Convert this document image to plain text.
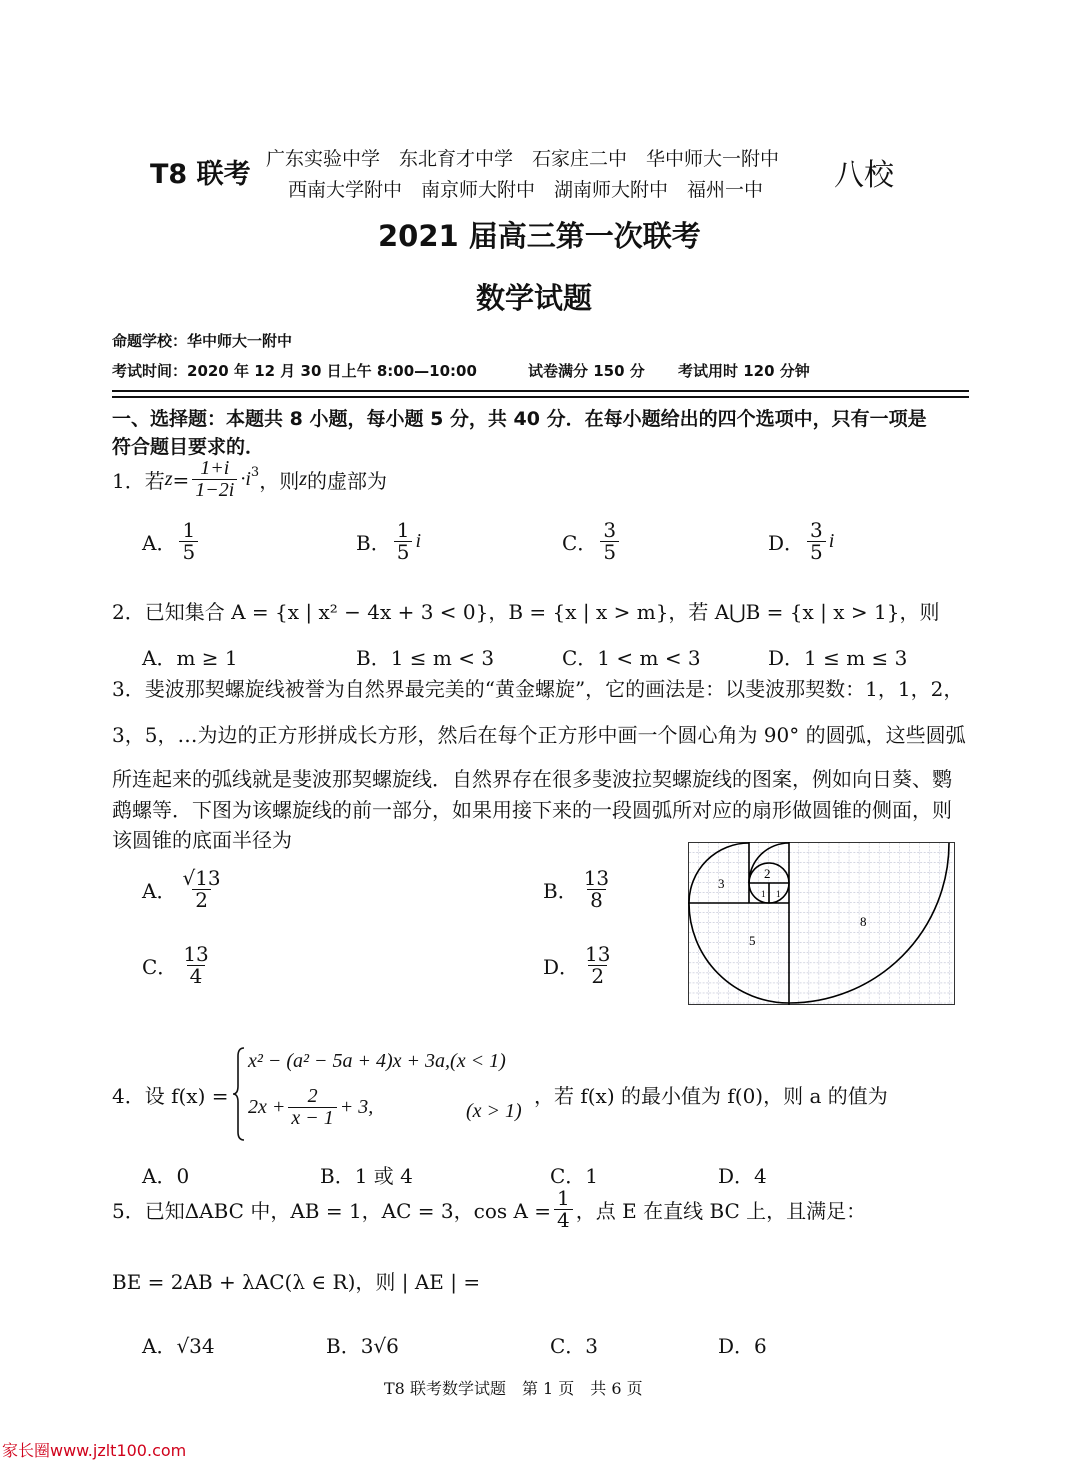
T8 联考 广东实验中学　东北育才中学　石家庄二中　华中师大一附中
西南大学附中　南京师大附中　湖南师大附中　福州一中 八校
2021 届高三第一次联考
数学试题
命题学校：华中师大一附中
考试时间：2020 年 12 月 30 日上午 8:00—10:00	试卷满分 150 分 考试用时 120 分钟
一、选择题：本题共 8 小题，每小题 5 分，共 40 分．在每小题给出的四个选项中，只有一项是
符合题目要求的．
1．若 $z = \frac{1+i}{1-2i} \cdot i^3$ ，则 z 的虚部为
A． $\frac{1}{5}$	B． $\frac{1}{5}$ i	C． $\frac{3}{5}$	D． $\frac{3}{5}$ i
2．已知集合 A = {x | x² − 4x + 3 < 0}，B = {x | x > m}，若 A⋃B = {x | x > 1}，则
A．m ≥ 1	B．1 ≤ m < 3	C．1 < m < 3	D．1 ≤ m ≤ 3
3．斐波那契螺旋线被誉为自然界最完美的“黄金螺旋”，它的画法是：以斐波那契数：1，1，2，
3，5，…为边的正方形拼成长方形，然后在每个正方形中画一个圆心角为 90° 的圆弧，这些圆弧
所连起来的弧线就是斐波那契螺旋线．自然界存在很多斐波拉契螺旋线的图案，例如向日葵、鹦
鹉螺等．下图为该螺旋线的前一部分，如果用接下来的一段圆弧所对应的扇形做圆锥的侧面，则
该圆锥的底面半径为
A． $\frac{√13}{2}$	B． $\frac{13}{8}$
C． $\frac{13}{4}$	D． $\frac{13}{2}$
2
1 1
3
5
8
4．设 f(x) =
x² − (a² − 5a + 4)x + 3a,(x < 1)
$2x + \frac{2}{x - 1} + 3$,	(x > 1)
，若 f(x) 的最小值为 f(0)，则 a 的值为
A．0	B．1 或 4	C．1	D．4
5．已知ΔABC 中，AB = 1，AC = 3，$\cos A = \frac{1}{4}$ ，点 E 在直线 BC 上，且满足：
BE = 2AB + λAC(λ ∈ R)，则 | AE | =
A．√34	B．3√6	C．3	D．6
T8 联考数学试题　第 1 页　共 6 页
家长圈www.jzlt100.com
